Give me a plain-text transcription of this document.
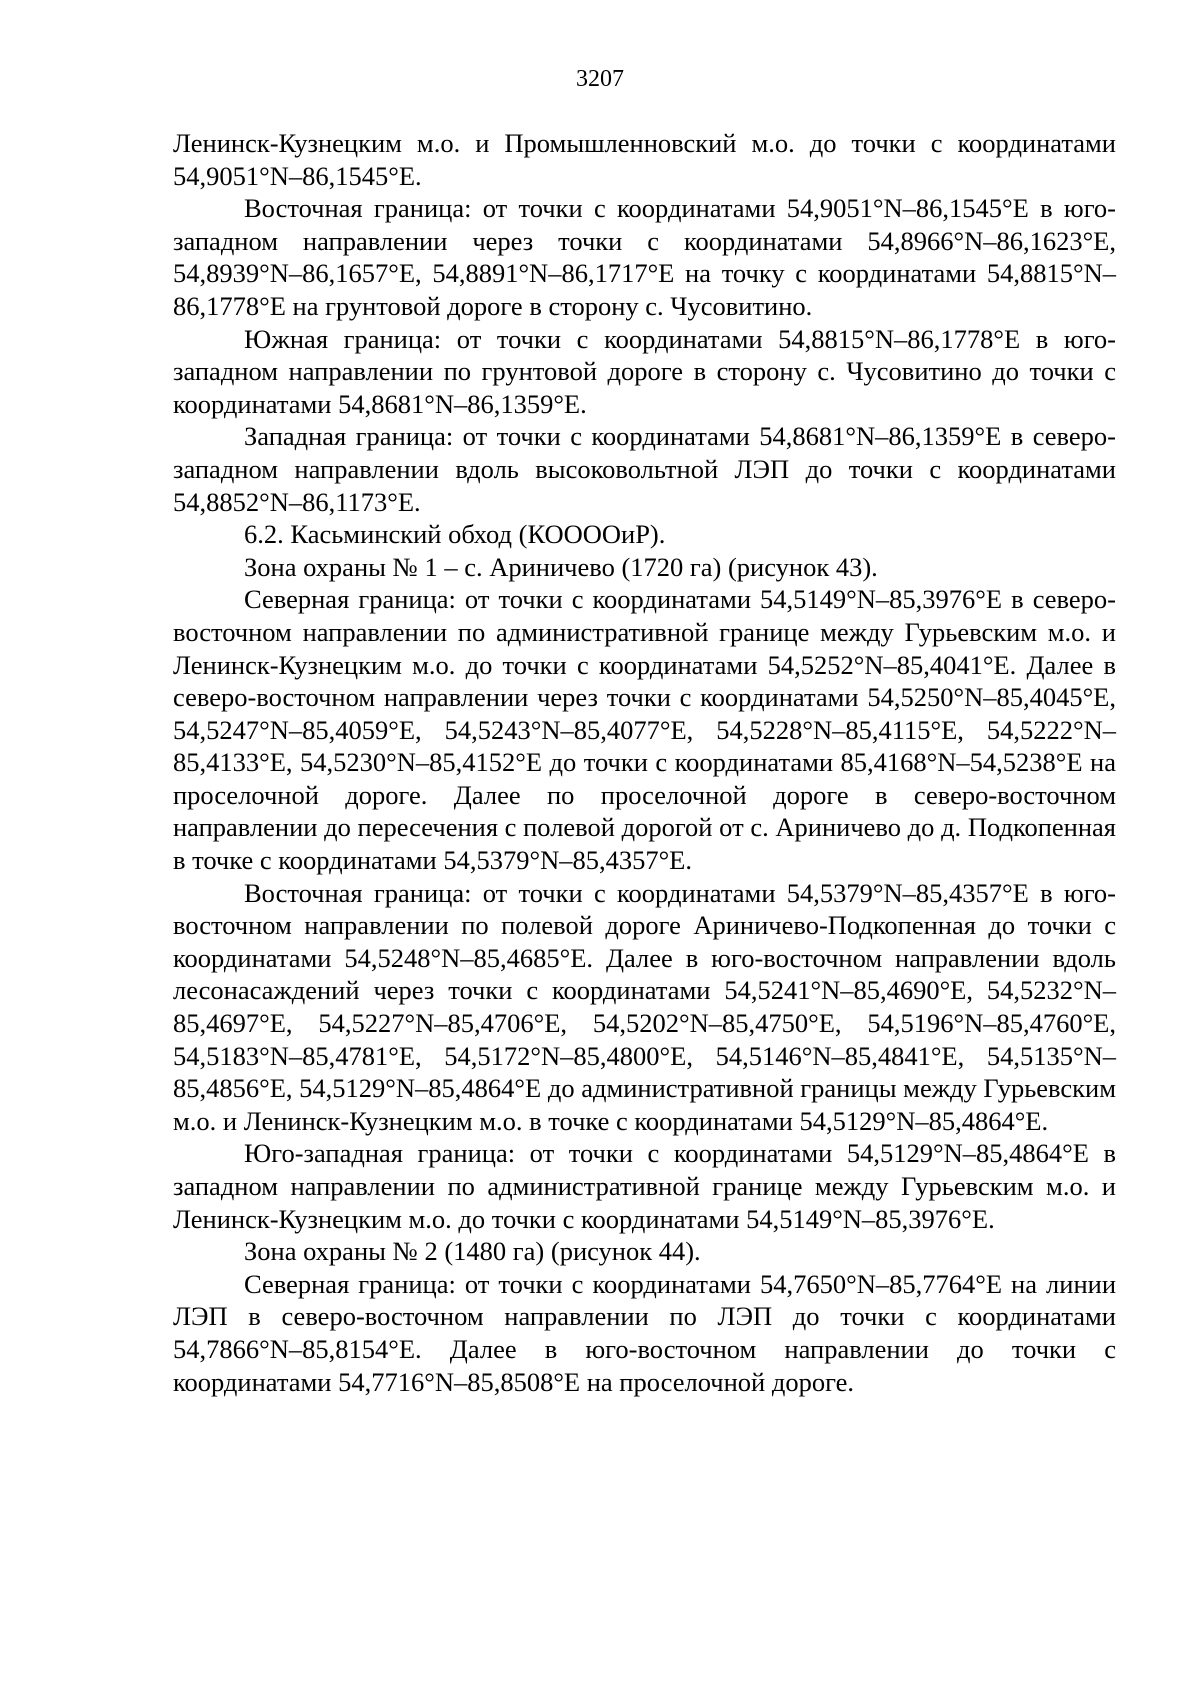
3207

Ленинск-Кузнецким м.о. и Промышленновский м.о. до точки с координатами 54,9051°N–86,1545°E.

Восточная граница: от точки с координатами 54,9051°N–86,1545°E в юго-западном направлении через точки с координатами 54,8966°N–86,1623°E, 54,8939°N–86,1657°E, 54,8891°N–86,1717°E на точку с координатами 54,8815°N–86,1778°E на грунтовой дороге в сторону с. Чусовитино.

Южная граница: от точки с координатами 54,8815°N–86,1778°E в юго-западном направлении по грунтовой дороге в сторону с. Чусовитино до точки с координатами 54,8681°N–86,1359°E.

Западная граница: от точки с координатами 54,8681°N–86,1359°E в северо-западном направлении вдоль высоковольтной ЛЭП до точки с координатами 54,8852°N–86,1173°E.

6.2. Касьминский обход (КООООиР).

Зона охраны № 1 – с. Ариничево (1720 га) (рисунок 43).

Северная граница: от точки с координатами 54,5149°N–85,3976°E в северо-восточном направлении по административной границе между Гурьевским м.о. и Ленинск-Кузнецким м.о. до точки с координатами 54,5252°N–85,4041°E. Далее в северо-восточном направлении через точки с координатами 54,5250°N–85,4045°E, 54,5247°N–85,4059°E, 54,5243°N–85,4077°E, 54,5228°N–85,4115°E, 54,5222°N–85,4133°E, 54,5230°N–85,4152°E до точки с координатами 85,4168°N–54,5238°E на проселочной дороге. Далее по проселочной дороге в северо-восточном направлении до пересечения с полевой дорогой от с. Ариничево до д. Подкопенная в точке с координатами 54,5379°N–85,4357°E.

Восточная граница: от точки с координатами 54,5379°N–85,4357°E в юго-восточном направлении по полевой дороге Ариничево-Подкопенная до точки с координатами 54,5248°N–85,4685°E. Далее в юго-восточном направлении вдоль лесонасаждений через точки с координатами 54,5241°N–85,4690°E, 54,5232°N–85,4697°E, 54,5227°N–85,4706°E, 54,5202°N–85,4750°E, 54,5196°N–85,4760°E, 54,5183°N–85,4781°E, 54,5172°N–85,4800°E, 54,5146°N–85,4841°E, 54,5135°N–85,4856°E, 54,5129°N–85,4864°E до административной границы между Гурьевским м.о. и Ленинск-Кузнецким м.о. в точке с координатами 54,5129°N–85,4864°E.

Юго-западная граница: от точки с координатами 54,5129°N–85,4864°E в западном направлении по административной границе между Гурьевским м.о. и Ленинск-Кузнецким м.о. до точки с координатами 54,5149°N–85,3976°E.

Зона охраны № 2 (1480 га) (рисунок 44).

Северная граница: от точки с координатами 54,7650°N–85,7764°E на линии ЛЭП в северо-восточном направлении по ЛЭП до точки с координатами 54,7866°N–85,8154°E. Далее в юго-восточном направлении до точки с координатами 54,7716°N–85,8508°E на проселочной дороге.
